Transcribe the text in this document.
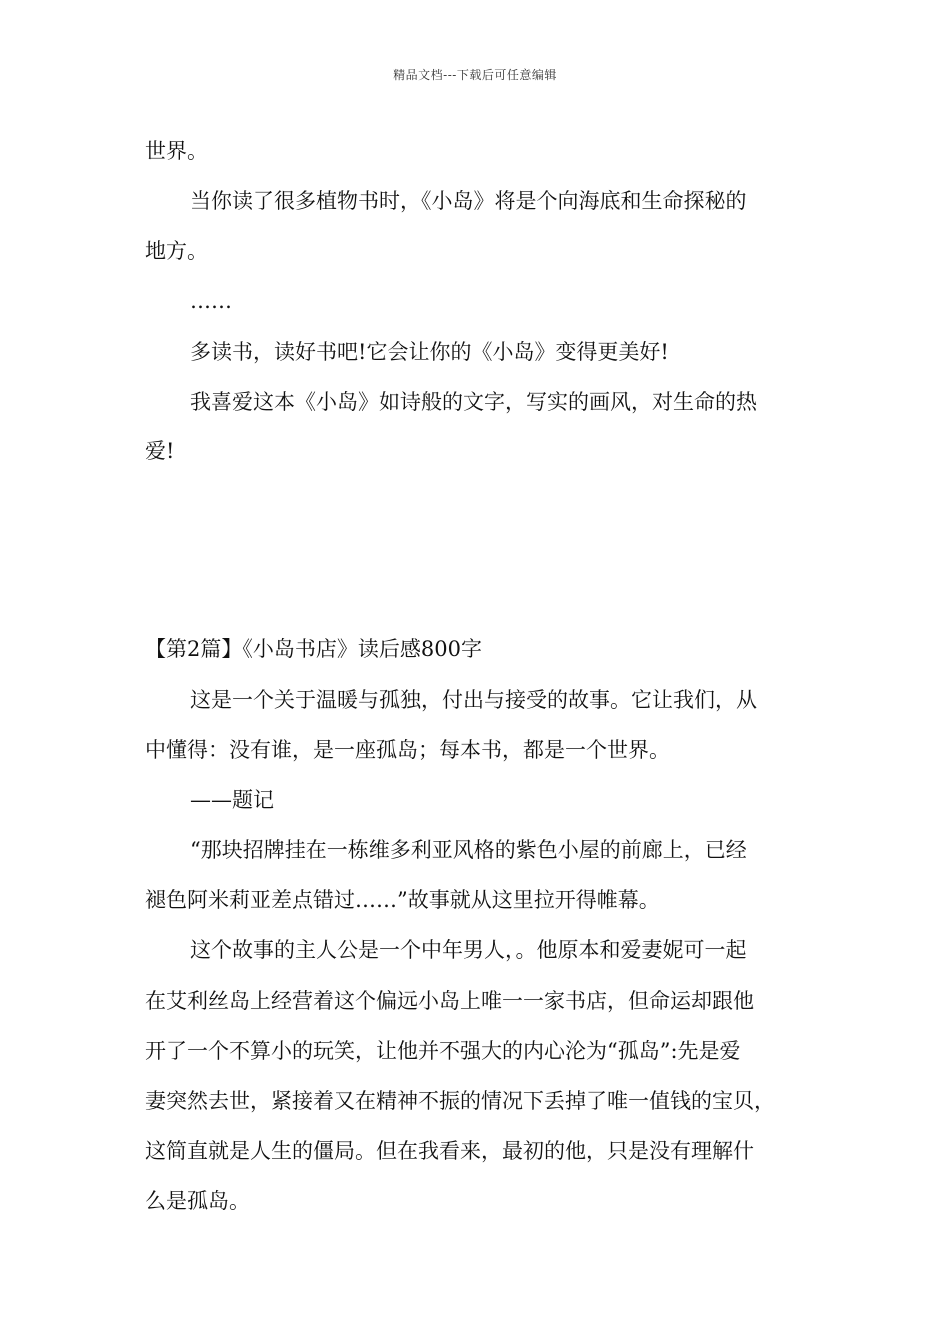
精品文档---下载后可任意编辑
世界。
当你读了很多植物书时，《小岛》将是个向海底和生命探秘的
地方。
……
多读书，读好书吧!它会让你的《小岛》变得更美好!
我喜爱这本《小岛》如诗般的文字，写实的画风，对生命的热
爱!
【第2篇】《小岛书店》读后感800字
这是一个关于温暖与孤独，付出与接受的故事。它让我们，从
中懂得：没有谁，是一座孤岛；每本书，都是一个世界。
——题记
“那块招牌挂在一栋维多利亚风格的紫色小屋的前廊上，已经
褪色阿米莉亚差点错过……”故事就从这里拉开得帷幕。
这个故事的主人公是一个中年男人，。他原本和爱妻妮可一起
在艾利丝岛上经营着这个偏远小岛上唯一一家书店，但命运却跟他
开了一个不算小的玩笑，让他并不强大的内心沦为“孤岛”:先是爱
妻突然去世，紧接着又在精神不振的情况下丢掉了唯一值钱的宝贝，
这简直就是人生的僵局。但在我看来，最初的他，只是没有理解什
么是孤岛。
